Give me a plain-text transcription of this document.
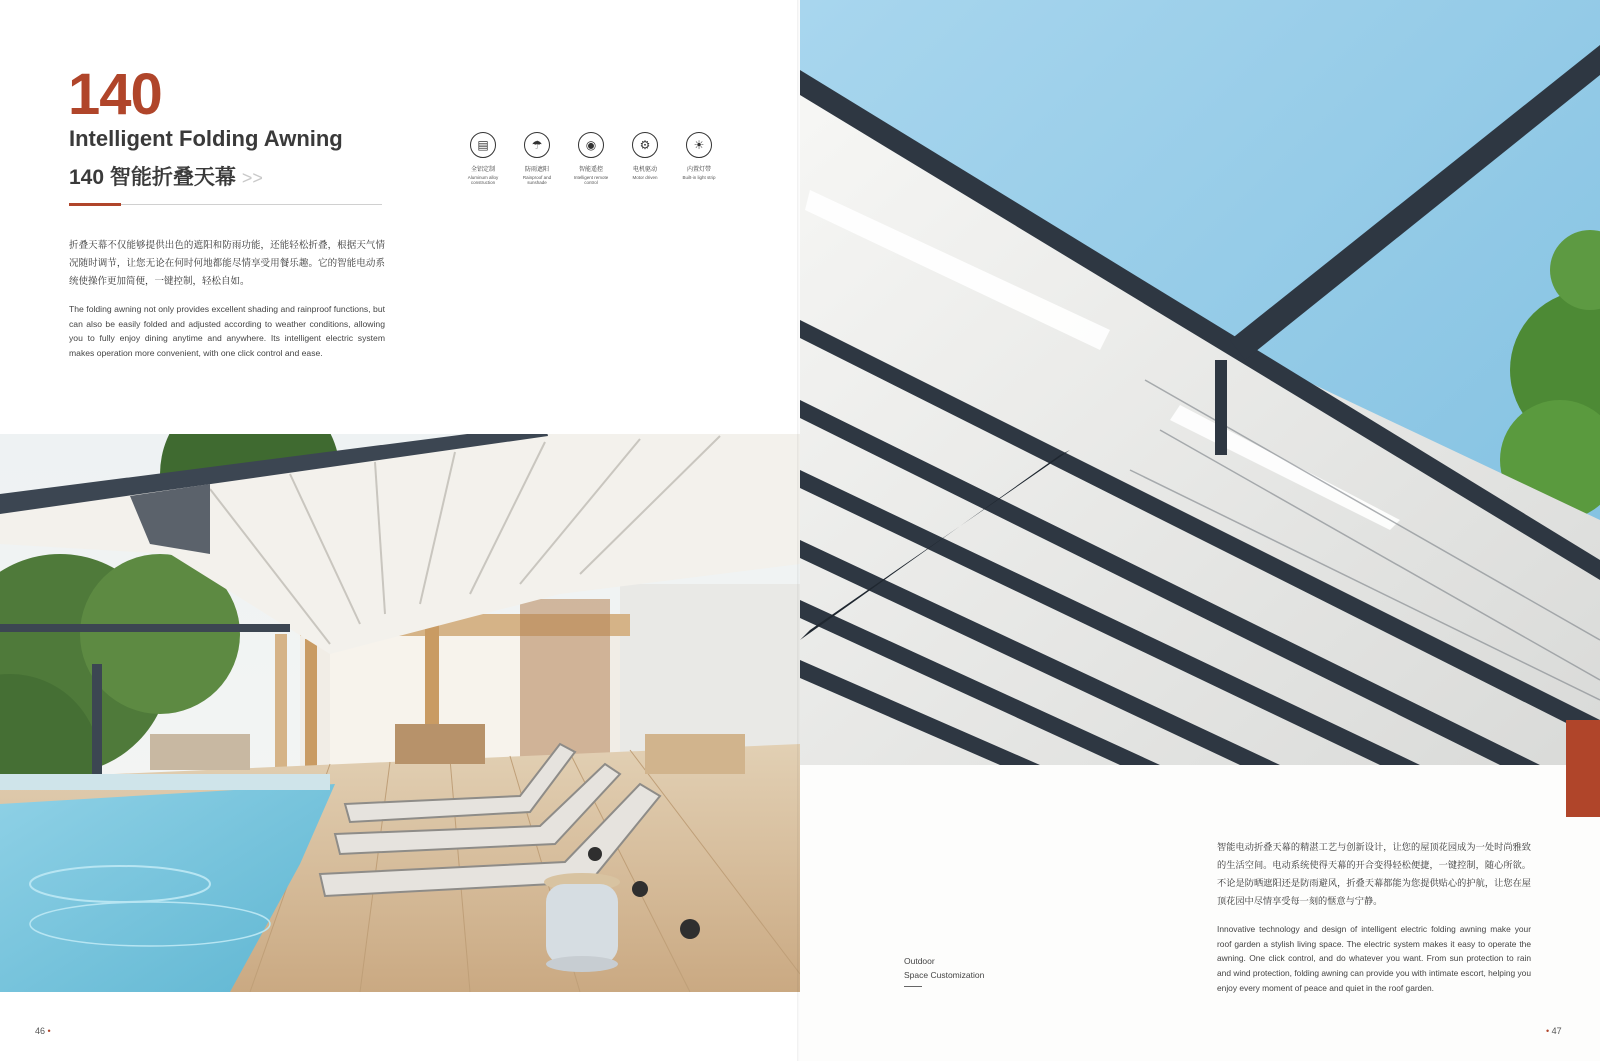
140
Intelligent Folding Awning
140 智能折叠天幕 >>
▤
全铝定制
Aluminum alloy construction
☂
防雨遮阳
Rainproof and sunshade
◉
智能遥控
Intelligent remote control
⚙
电机驱动
Motor driven
☀
内置灯带
Built-in light strip
折叠天幕不仅能够提供出色的遮阳和防雨功能，还能轻松折叠，根据天气情况随时调节，让您无论在何时何地都能尽情享受用餐乐趣。它的智能电动系统使操作更加简便，一键控制，轻松自如。
The folding awning not only provides excellent shading and rainproof functions, but can also be easily folded and adjusted according to weather conditions, allowing you to fully enjoy dining anytime and anywhere. Its intelligent electric system makes operation more convenient, with one click control and ease.
46 •
Outdoor
Space Customization
智能电动折叠天幕的精湛工艺与创新设计，让您的屋顶花园成为一处时尚雅致的生活空间。电动系统使得天幕的开合变得轻松便捷，一键控制，随心所欲。不论是防晒遮阳还是防雨避风，折叠天幕都能为您提供贴心的护航，让您在屋顶花园中尽情享受每一刻的惬意与宁静。
Innovative technology and design of intelligent electric folding awning make your roof garden a stylish living space. The electric system makes it easy to operate the awning. One click control, and do whatever you want. From sun protection to rain and wind protection, folding awning can provide you with intimate escort, helping you enjoy every moment of peace and quiet in the roof garden.
• 47
